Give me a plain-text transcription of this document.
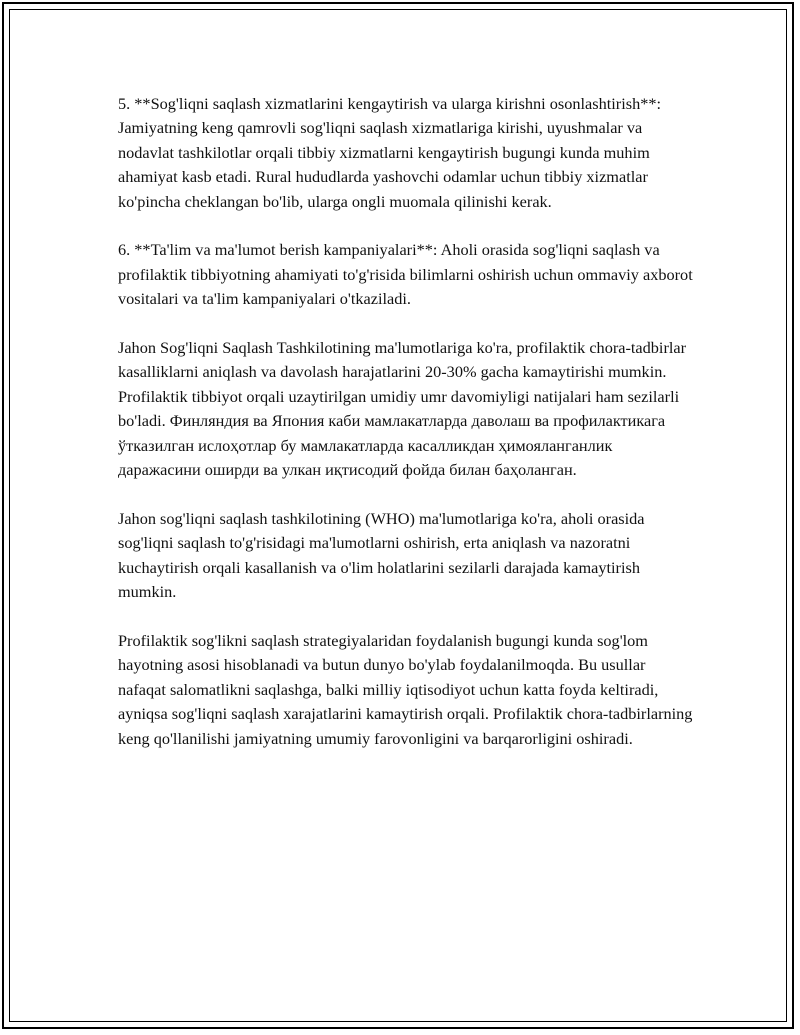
5. **Sog'liqni saqlash xizmatlarini kengaytirish va ularga kirishni osonlashtirish**: Jamiyatning keng qamrovli sog'liqni saqlash xizmatlariga kirishi, uyushmalar va nodavlat tashkilotlar orqali tibbiy xizmatlarni kengaytirish bugungi kunda muhim ahamiyat kasb etadi. Rural hududlarda yashovchi odamlar uchun tibbiy xizmatlar ko'pincha cheklangan bo'lib, ularga ongli muomala qilinishi kerak.

6. **Ta'lim va ma'lumot berish kampaniyalari**: Aholi orasida sog'liqni saqlash va profilaktik tibbiyotning ahamiyati to'g'risida bilimlarni oshirish uchun ommaviy axborot vositalari va ta'lim kampaniyalari o'tkaziladi.

Jahon Sog'liqni Saqlash Tashkilotining ma'lumotlariga ko'ra, profilaktik chora-tadbirlar kasalliklarni aniqlash va davolash harajatlarini 20-30% gacha kamaytirishi mumkin. Profilaktik tibbiyot orqali uzaytirilgan umidiy umr davomiyligi natijalari ham sezilarli bo'ladi. Финляндия ва Япония каби мамлакатларда даволаш ва профилактикага ўтказилган ислоҳотлар бу мамлакатларда касалликдан ҳимояланганлик даражасини оширди ва улкан иқтисодий фойда билан баҳоланган.

Jahon sog'liqni saqlash tashkilotining (WHO) ma'lumotlariga ko'ra, aholi orasida sog'liqni saqlash to'g'risidagi ma'lumotlarni oshirish, erta aniqlash va nazoratni kuchaytirish orqali kasallanish va o'lim holatlarini sezilarli darajada kamaytirish mumkin.

Profilaktik sog'likni saqlash strategiyalaridan foydalanish bugungi kunda sog'lom hayotning asosi hisoblanadi va butun dunyo bo'ylab foydalanilmoqda. Bu usullar nafaqat salomatlikni saqlashga, balki milliy iqtisodiyot uchun katta foyda keltiradi, ayniqsa sog'liqni saqlash xarajatlarini kamaytirish orqali. Profilaktik chora-tadbirlarning keng qo'llanilishi jamiyatning umumiy farovonligini va barqarorligini oshiradi.
